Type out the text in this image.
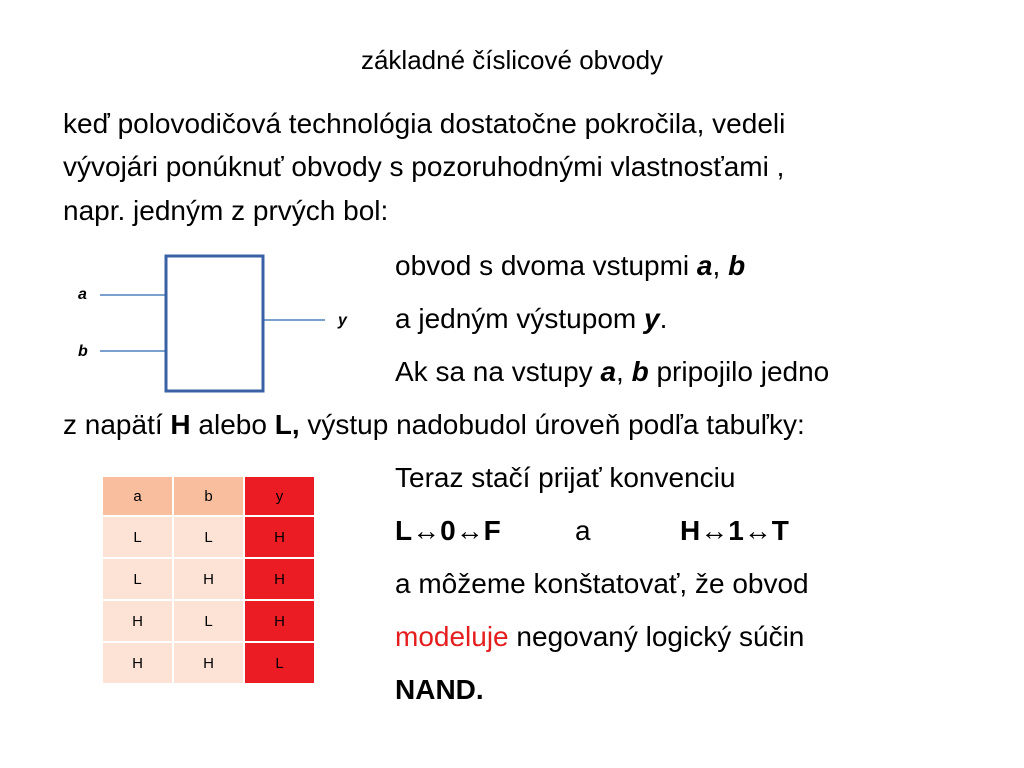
základné číslicové obvody
keď polovodičová technológia dostatočne pokročila, vedeli
vývojári ponúknuť obvody s pozoruhodnými vlastnosťami ,
napr. jedným z prvých bol:
obvod s dvoma vstupmi a, b
a jedným výstupom y.
Ak sa na vstupy a, b pripojilo jedno
z napätí H alebo L, výstup nadobudol úroveň podľa tabuľky:
Teraz stačí prijať konvenciu
L↔0↔F	a	H↔1↔T
a môžeme konštatovať, že obvod
modeluje negovaný logický súčin
NAND.
a
b
y
a	b	y
L	L	H
L	H	H
H	L	H
H	H	L
